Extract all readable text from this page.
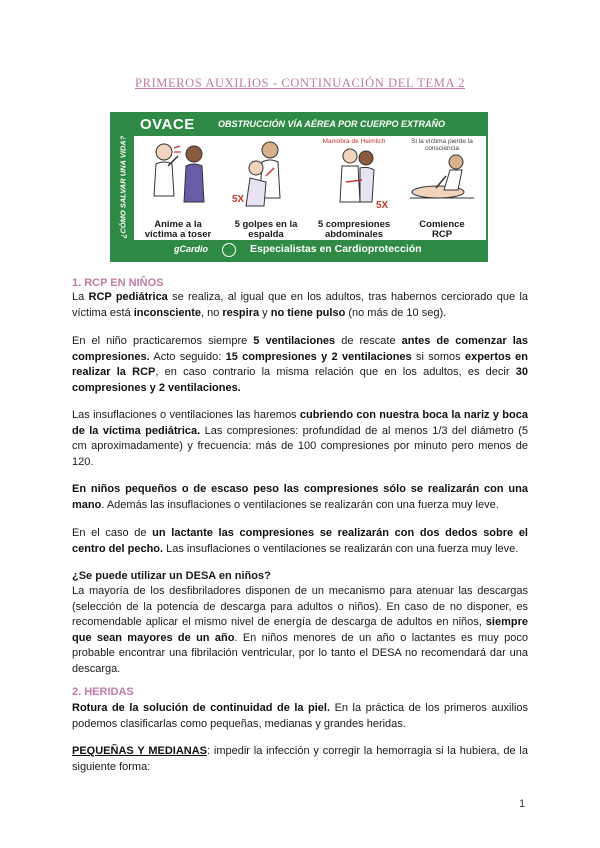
PRIMEROS AUXILIOS - CONTINUACIÓN DEL TEMA 2
¿CÓMO SALVAR UNA VIDA?
OVACE	OBSTRUCCIÓN VÍA AÉREA POR CUERPO EXTRAÑO
Anime a la
víctima a toser
5X
5 golpes en la
espalda
Maniobra de Heimlich
5X
5 compresiones
abdominales
Si la víctima pierde la consciencia
Comience
RCP
gCardio	Especialistas en Cardioprotección
1. RCP EN NIÑOS
La RCP pediátrica se realiza, al igual que en los adultos, tras habernos cerciorado que la víctima está inconsciente, no respira y no tiene pulso (no más de 10 seg).
En el niño practicaremos siempre 5 ventilaciones de rescate antes de comenzar las compresiones. Acto seguido: 15 compresiones y 2 ventilaciones si somos expertos en realizar la RCP, en caso contrario la misma relación que en los adultos, es decir 30 compresiones y 2 ventilaciones.
Las insuflaciones o ventilaciones las haremos cubriendo con nuestra boca la nariz y boca de la víctima pediátrica. Las compresiones: profundidad de al menos 1/3 del diámetro (5 cm aproximadamente) y frecuencia: más de 100 compresiones por minuto pero menos de 120.
En niños pequeños o de escaso peso las compresiones sólo se realizarán con una mano. Además las insuflaciones o ventilaciones se realizarán con una fuerza muy leve.
En el caso de un lactante las compresiones se realizarán con dos dedos sobre el centro del pecho. Las insuflaciones o ventilaciones se realizarán con una fuerza muy leve.
¿Se puede utilizar un DESA en niños?
La mayoría de los desfibriladores disponen de un mecanismo para atenuar las descargas (selección de la potencia de descarga para adultos o niños). En caso de no disponer, es recomendable aplicar el mismo nivel de energía de descarga de adultos en niños, siempre que sean mayores de un año. En niños menores de un año o lactantes es muy poco probable encontrar una fibrilación ventricular, por lo tanto el DESA no recomendará dar una descarga.
2. HERIDAS
Rotura de la solución de continuidad de la piel. En la práctica de los primeros auxilios podemos clasificarlas como pequeñas, medianas y grandes heridas.
PEQUEÑAS Y MEDIANAS: impedir la infección y corregir la hemorragia si la hubiera, de la siguiente forma:
1
